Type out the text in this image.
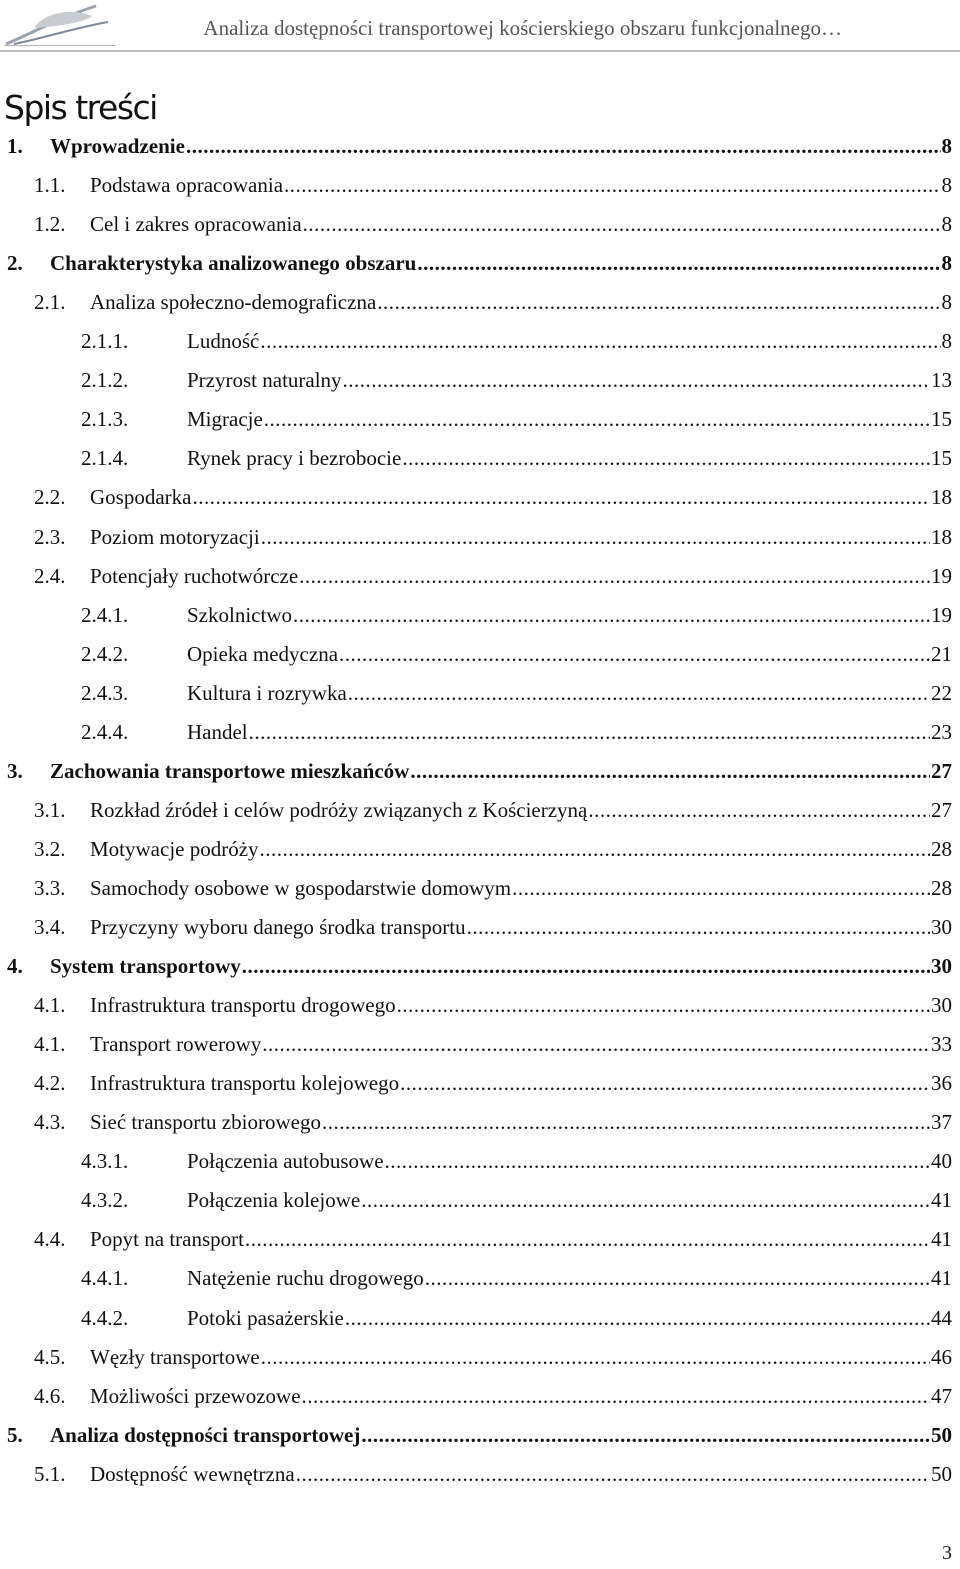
Analiza dostępności transportowej kościerskiego obszaru funkcjonalnego…
Spis treści
1.	Wprowadzenie .....	8
1.1.	Podstawa opracowania .....	8
1.2.	Cel i zakres opracowania .....	8
2.	Charakterystyka analizowanego obszaru .....	8
2.1.	Analiza społeczno-demograficzna .....	8
2.1.1.	Ludność .....	8
2.1.2.	Przyrost naturalny .....	13
2.1.3.	Migracje .....	15
2.1.4.	Rynek pracy i bezrobocie .....	15
2.2.	Gospodarka .....	18
2.3.	Poziom motoryzacji .....	18
2.4.	Potencjały ruchotwórcze .....	19
2.4.1.	Szkolnictwo .....	19
2.4.2.	Opieka medyczna .....	21
2.4.3.	Kultura i rozrywka .....	22
2.4.4.	Handel .....	23
3.	Zachowania transportowe mieszkańców .....	27
3.1.	Rozkład źródeł i celów podróży związanych z Kościerzyną .....	27
3.2.	Motywacje podróży .....	28
3.3.	Samochody osobowe w gospodarstwie domowym .....	28
3.4.	Przyczyny wyboru danego środka transportu .....	30
4.	System transportowy .....	30
4.1.	Infrastruktura transportu drogowego .....	30
4.1.	Transport rowerowy .....	33
4.2.	Infrastruktura transportu kolejowego .....	36
4.3.	Sieć transportu zbiorowego .....	37
4.3.1.	Połączenia autobusowe .....	40
4.3.2.	Połączenia kolejowe .....	41
4.4.	Popyt na transport .....	41
4.4.1.	Natężenie ruchu drogowego .....	41
4.4.2.	Potoki pasażerskie .....	44
4.5.	Węzły transportowe .....	46
4.6.	Możliwości przewozowe .....	47
5.	Analiza dostępności transportowej .....	50
5.1.	Dostępność wewnętrzna .....	50
3
